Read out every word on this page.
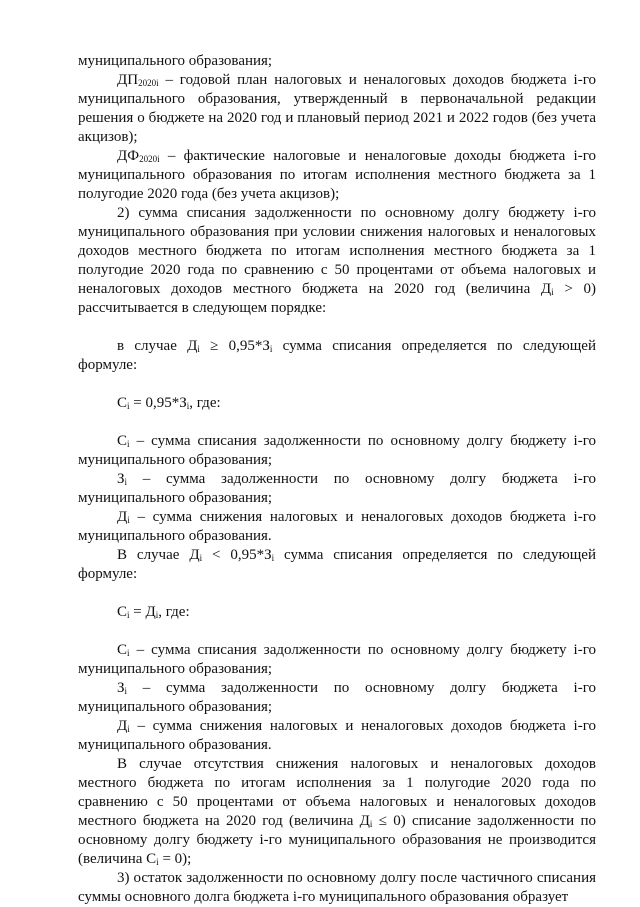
муниципального образования;

$ДП_{2020i}$ – годовой план налоговых и неналоговых доходов бюджета i-го муниципального образования, утвержденный в первоначальной редакции решения о бюджете на 2020 год и плановый период 2021 и 2022 годов (без учета акцизов);

$ДФ_{2020i}$ – фактические налоговые и неналоговые доходы бюджета i-го муниципального образования по итогам исполнения местного бюджета за 1 полугодие 2020 года (без учета акцизов);

2) сумма списания задолженности по основному долгу бюджету i-го муниципального образования при условии снижения налоговых и неналоговых доходов местного бюджета по итогам исполнения местного бюджета за 1 полугодие 2020 года по сравнению с 50 процентами от объема налоговых и неналоговых доходов местного бюджета на 2020 год (величина $Д_i > 0$) рассчитывается в следующем порядке:

в случае $Д_i \ge 0,95*З_i$ сумма списания определяется по следующей формуле:

$С_i = 0,95*З_i$, где:

$С_i$ – сумма списания задолженности по основному долгу бюджету i-го муниципального образования;

$З_i$ – сумма задолженности по основному долгу бюджета i-го муниципального образования;

$Д_i$ – сумма снижения налоговых и неналоговых доходов бюджета i-го муниципального образования.

В случае $Д_i < 0,95*З_i$ сумма списания определяется по следующей формуле:

$С_i = Д_i$, где:

$С_i$ – сумма списания задолженности по основному долгу бюджету i-го муниципального образования;

$З_i$ – сумма задолженности по основному долгу бюджета i-го муниципального образования;

$Д_i$ – сумма снижения налоговых и неналоговых доходов бюджета i-го муниципального образования.

В случае отсутствия снижения налоговых и неналоговых доходов местного бюджета по итогам исполнения за 1 полугодие 2020 года по сравнению с 50 процентами от объема налоговых и неналоговых доходов местного бюджета на 2020 год (величина $Д_i \le 0$) списание задолженности по основному долгу бюджету i-го муниципального образования не производится (величина $С_i = 0$);

3) остаток задолженности по основному долгу после частичного списания суммы основного долга бюджета i-го муниципального образования образует
